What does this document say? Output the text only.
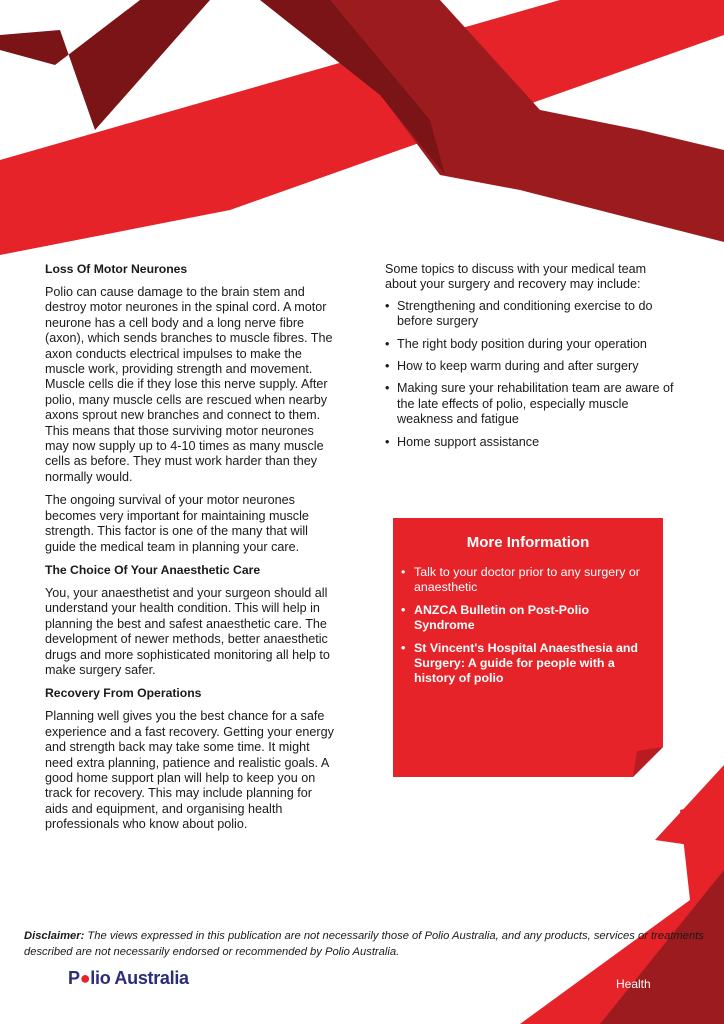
Loss Of Motor Neurones

Polio can cause damage to the brain stem and destroy motor neurones in the spinal cord. A motor neurone has a cell body and a long nerve fibre (axon), which sends branches to muscle fibres. The axon conducts electrical impulses to make the muscle work, providing strength and movement. Muscle cells die if they lose this nerve supply. After polio, many muscle cells are rescued when nearby axons sprout new branches and connect to them. This means that those surviving motor neurones may now supply up to 4-10 times as many muscle cells as before. They must work harder than they normally would.

The ongoing survival of your motor neurones becomes very important for maintaining muscle strength. This factor is one of the many that will guide the medical team in planning your care.

The Choice Of Your Anaesthetic Care

You, your anaesthetist and your surgeon should all understand your health condition. This will help in planning the best and safest anaesthetic care. The development of newer methods, better anaesthetic drugs and more sophisticated monitoring all help to make surgery safer.

Recovery From Operations

Planning well gives you the best chance for a safe experience and a fast recovery. Getting your energy and strength back may take some time. It might need extra planning, patience and realistic goals. A good home support plan will help to keep you on track for recovery. This may include planning for aids and equipment, and organising health professionals who know about polio.

Some topics to discuss with your medical team about your surgery and recovery may include:

• Strengthening and conditioning exercise to do before surgery
• The right body position during your operation
• How to keep warm during and after surgery
• Making sure your rehabilitation team are aware of the late effects of polio, especially muscle weakness and fatigue
• Home support assistance
More Information
• Talk to your doctor prior to any surgery or anaesthetic
• ANZCA Bulletin on Post-Polio Syndrome
• St Vincent's Hospital Anaesthesia and Surgery: A guide for people with a history of polio
Disclaimer: The views expressed in this publication are not necessarily those of Polio Australia, and any products, services or treatments described are not necessarily endorsed or recommended by Polio Australia.
P●lio Australia	Health
